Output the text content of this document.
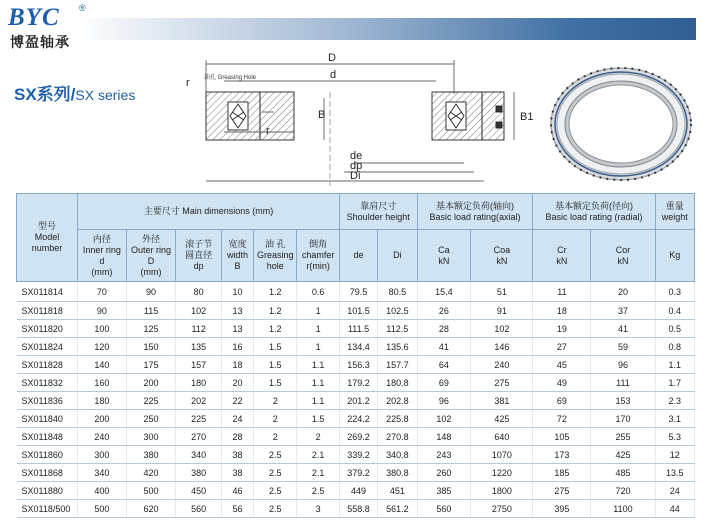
BYC ®
博盈轴承
SX系列/SX series
D
d
r 油孔 Greasing Hole
r
B	B1
de
dp
Di
型号
Model
number	主要尺寸 Main dimensions (mm)						靠肩尺寸
Shoulder height		基本额定负荷(轴向)
Basic load rating(axial)		基本额定负荷(径向)
Basic load rating (radial)		重量
weight

	内径
Inner ring
d
(mm)	外径
Outer ring
D
(mm)	滚子节
圆直径
dp	宽度
width
B	油 孔
Greasing
hole	倒角
chamfer
r(min)	de	Di	Ca
kN	Coa
kN	Cr
kN	Cor
kN	Kg
SX011814	70	90	80	10	1.2	0.6	79.5	80.5	15.4	51	11	20	0.3
SX011818	90	115	102	13	1.2	1	101.5	102.5	26	91	18	37	0.4
SX011820	100	125	112	13	1.2	1	111.5	112.5	28	102	19	41	0.5
SX011824	120	150	135	16	1.5	1	134.4	135.6	41	146	27	59	0.8
SX011828	140	175	157	18	1.5	1.1	156.3	157.7	64	240	45	96	1.1
SX011832	160	200	180	20	1.5	1.1	179.2	180.8	69	275	49	111	1.7
SX011836	180	225	202	22	2	1.1	201.2	202.8	96	381	69	153	2.3
SX011840	200	250	225	24	2	1.5	224.2	225.8	102	425	72	170	3.1
SX011848	240	300	270	28	2	2	269.2	270.8	148	640	105	255	5.3
SX011860	300	380	340	38	2.5	2.1	339.2	340.8	243	1070	173	425	12
SX011868	340	420	380	38	2.5	2.1	379.2	380.8	260	1220	185	485	13.5
SX011880	400	500	450	46	2.5	2.5	449	451	385	1800	275	720	24
SX0118/500	500	620	560	56	2.5	3	558.8	561.2	560	2750	395	1100	44
